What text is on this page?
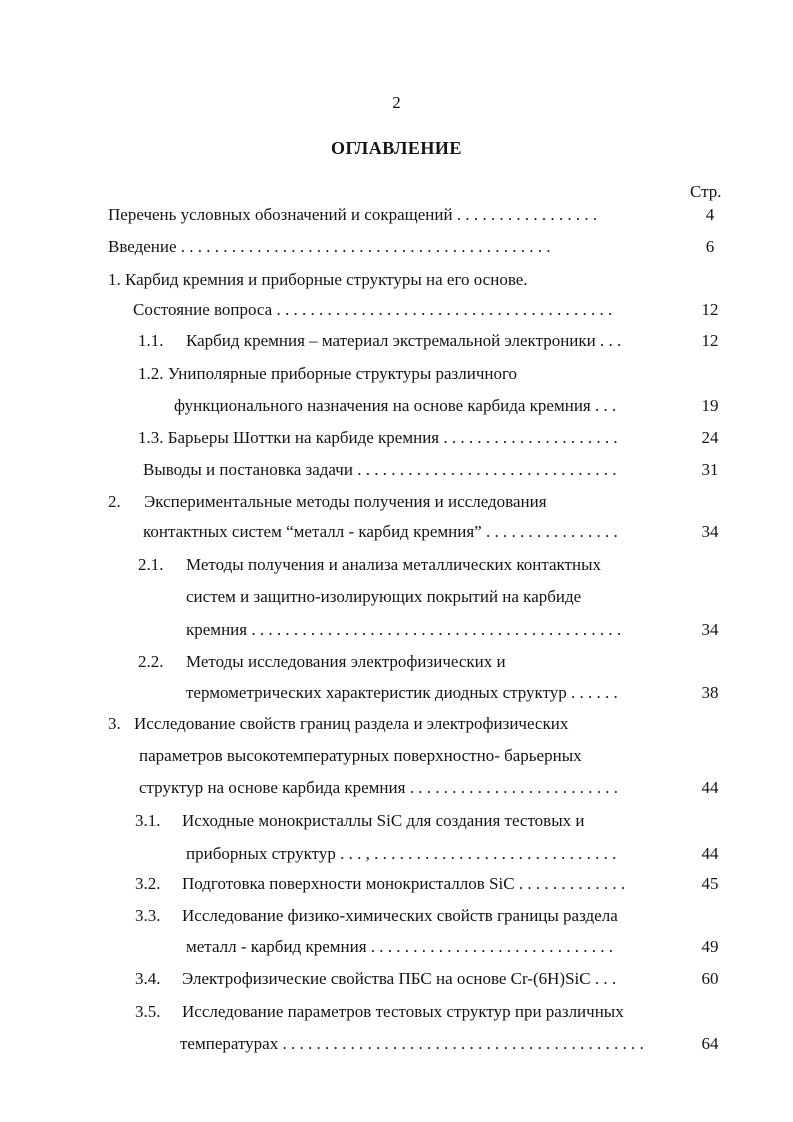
2
ОГЛАВЛЕНИЕ
Стр.
Перечень условных обозначений и сокращений . . . . . . . . . . . . . . . . .	4
Введение . . . . . . . . . . . . . . . . . . . . . . . . . . . . . . . . . . . . . . . . . . . .	6
1. Карбид кремния и приборные структуры на его основе.
Состояние вопроса . . . . . . . . . . . . . . . . . . . . . . . . . . . . . . . . . . . . . . . .	12
1.1. Карбид кремния – материал экстремальной электроники . . .	12
1.2. Униполярные приборные структуры различного
функционального назначения на основе карбида кремния . . .	19
1.3. Барьеры Шоттки на карбиде кремния . . . . . . . . . . . . . . . . . . . . .	24
Выводы и постановка задачи . . . . . . . . . . . . . . . . . . . . . . . . . . . . . . .	31
2. Экспериментальные методы получения и исследования
контактных систем “металл - карбид кремния” . . . . . . . . . . . . . . . .	34
2.1. Методы получения и анализа металлических контактных
систем и защитно-изолирующих покрытий на карбиде
кремния . . . . . . . . . . . . . . . . . . . . . . . . . . . . . . . . . . . . . . . . . . . .	34
2.2. Методы исследования электрофизических и
термометрических характеристик диодных структур . . . . . .	38
3. Исследование свойств границ раздела и электрофизических
параметров высокотемпературных поверхностно- барьерных
структур на основе карбида кремния . . . . . . . . . . . . . . . . . . . . . . . . .	44
3.1. Исходные монокристаллы SiC для создания тестовых и
приборных структур . . . , . . . . . . . . . . . . . . . . . . . . . . . . . . . . .	44
3.2. Подготовка поверхности монокристаллов SiC . . . . . . . . . . . . .	45
3.3. Исследование физико-химических свойств границы раздела
металл - карбид кремния . . . . . . . . . . . . . . . . . . . . . . . . . . . . .	49
3.4. Электрофизические свойства ПБС на основе Cr-(6H)SiC . . .	60
3.5. Исследование параметров тестовых структур при различных
температурах . . . . . . . . . . . . . . . . . . . . . . . . . . . . . . . . . . . . . . . . . . .	64
